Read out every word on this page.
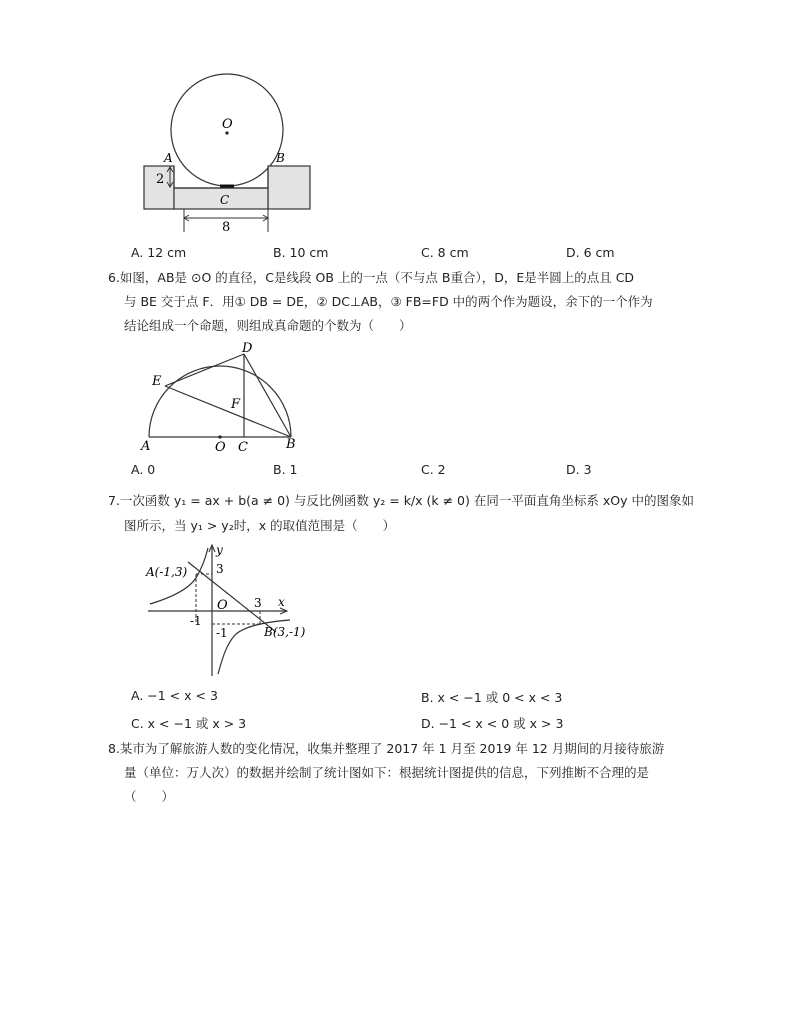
O
A	B
C
2
8
A. 12 cm	B. 10 cm	C. 8 cm	D. 6 cm
6.如图，AB是 ⊙O 的直径，C是线段 OB 上的一点（不与点 B重合），D，E是半圆上的点且 CD
与 BE 交于点 F．用① DB = DE，② DC⊥AB，③ FB=FD 中的两个作为题设，余下的一个作为
结论组成一个命题，则组成真命题的个数为（　　）
D
E
F
A	O C	B
A. 0	B. 1	C. 2	D. 3
7.一次函数 y₁ = ax + b(a ≠ 0) 与反比例函数 y₂ = k/x (k ≠ 0) 在同一平面直角坐标系 xOy 中的图象如
图所示，当 y₁ > y₂时，x 的取值范围是（　　）
A(-1,3)
B(3,-1)
O	x
y
3
3
-1
-1
A. −1 < x < 3	B. x < −1 或 0 < x < 3
C. x < −1 或 x > 3	D. −1 < x < 0 或 x > 3
8.某市为了解旅游人数的变化情况，收集并整理了 2017 年 1 月至 2019 年 12 月期间的月接待旅游
量（单位：万人次）的数据并绘制了统计图如下：根据统计图提供的信息，下列推断不合理的是
（　　）
